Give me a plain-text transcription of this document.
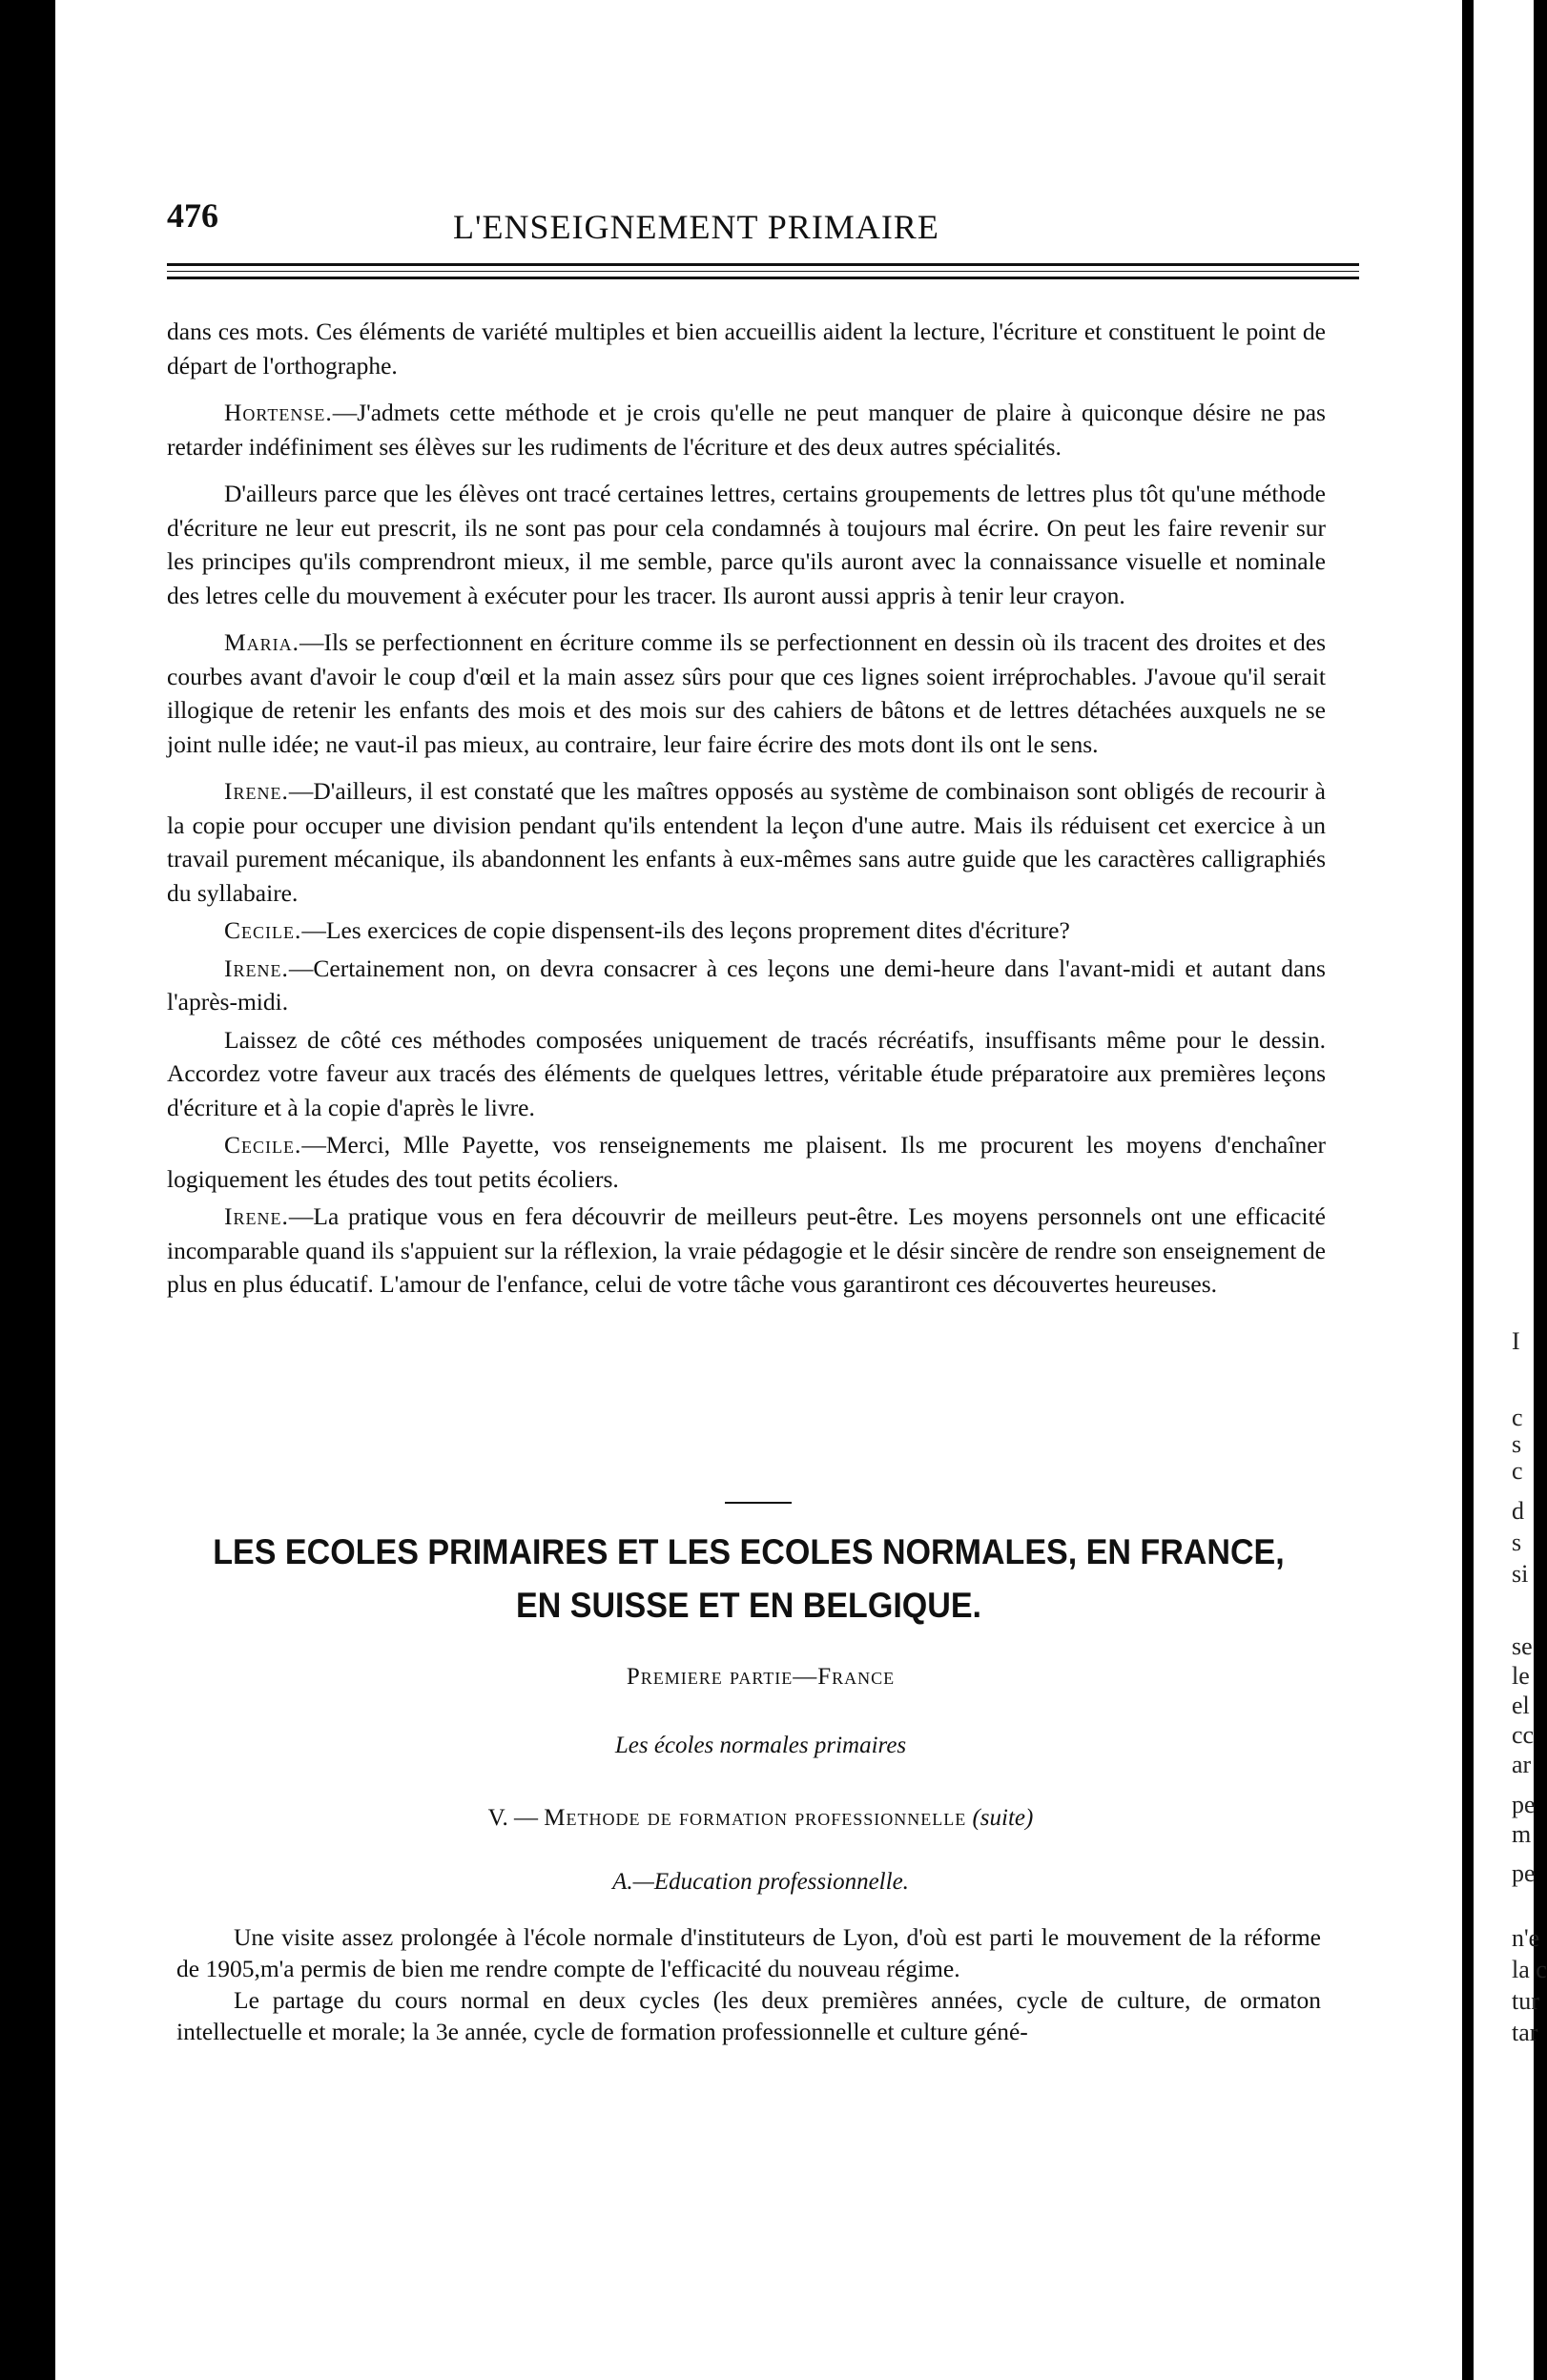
I
c
s
c
d
s
si
se
le
el
cc
ar
pe
m
pe
n'e
la c
tur
tar
476	L'ENSEIGNEMENT PRIMAIRE

dans ces mots. Ces éléments de variété multiples et bien accueillis aident la lecture, l'écriture et constituent le point de départ de l'orthographe.

Hortense.—J'admets cette méthode et je crois qu'elle ne peut manquer de plaire à quiconque désire ne pas retarder indéfiniment ses élèves sur les rudiments de l'écriture et des deux autres spécialités.

D'ailleurs parce que les élèves ont tracé certaines lettres, certains groupements de lettres plus tôt qu'une méthode d'écriture ne leur eut prescrit, ils ne sont pas pour cela condamnés à toujours mal écrire. On peut les faire revenir sur les principes qu'ils comprendront mieux, il me semble, parce qu'ils auront avec la connaissance visuelle et nominale des letres celle du mouvement à exécuter pour les tracer. Ils auront aussi appris à tenir leur crayon.

Maria.—Ils se perfectionnent en écriture comme ils se perfectionnent en dessin où ils tracent des droites et des courbes avant d'avoir le coup d'œil et la main assez sûrs pour que ces lignes soient irréprochables. J'avoue qu'il serait illogique de retenir les enfants des mois et des mois sur des cahiers de bâtons et de lettres détachées auxquels ne se joint nulle idée; ne vaut-il pas mieux, au contraire, leur faire écrire des mots dont ils ont le sens.

Irene.—D'ailleurs, il est constaté que les maîtres opposés au système de combinaison sont obligés de recourir à la copie pour occuper une division pendant qu'ils entendent la leçon d'une autre. Mais ils réduisent cet exercice à un travail purement mécanique, ils abandonnent les enfants à eux-mêmes sans autre guide que les caractères calligraphiés du syllabaire.

Cecile.—Les exercices de copie dispensent-ils des leçons proprement dites d'écriture?

Irene.—Certainement non, on devra consacrer à ces leçons une demi-heure dans l'avant-midi et autant dans l'après-midi.

Laissez de côté ces méthodes composées uniquement de tracés récréatifs, insuffisants même pour le dessin. Accordez votre faveur aux tracés des éléments de quelques lettres, véritable étude préparatoire aux premières leçons d'écriture et à la copie d'après le livre.

Cecile.—Merci, Mlle Payette, vos renseignements me plaisent. Ils me procurent les moyens d'enchaîner logiquement les études des tout petits écoliers.

Irene.—La pratique vous en fera découvrir de meilleurs peut-être. Les moyens personnels ont une efficacité incomparable quand ils s'appuient sur la réflexion, la vraie pédagogie et le désir sincère de rendre son enseignement de plus en plus éducatif. L'amour de l'enfance, celui de votre tâche vous garantiront ces découvertes heureuses.

LES ECOLES PRIMAIRES ET LES ECOLES NORMALES, EN FRANCE,
EN SUISSE ET EN BELGIQUE.
Premiere partie—France
Les écoles normales primaires
V. — Methode de formation professionnelle (suite)
A.—Education professionnelle.

Une visite assez prolongée à l'école normale d'instituteurs de Lyon, d'où est parti le mouvement de la réforme de 1905,m'a permis de bien me rendre compte de l'efficacité du nouveau régime.

Le partage du cours normal en deux cycles (les deux premières années, cycle de culture, de ormaton intellectuelle et morale; la 3e année, cycle de formation professionnelle et culture géné-
